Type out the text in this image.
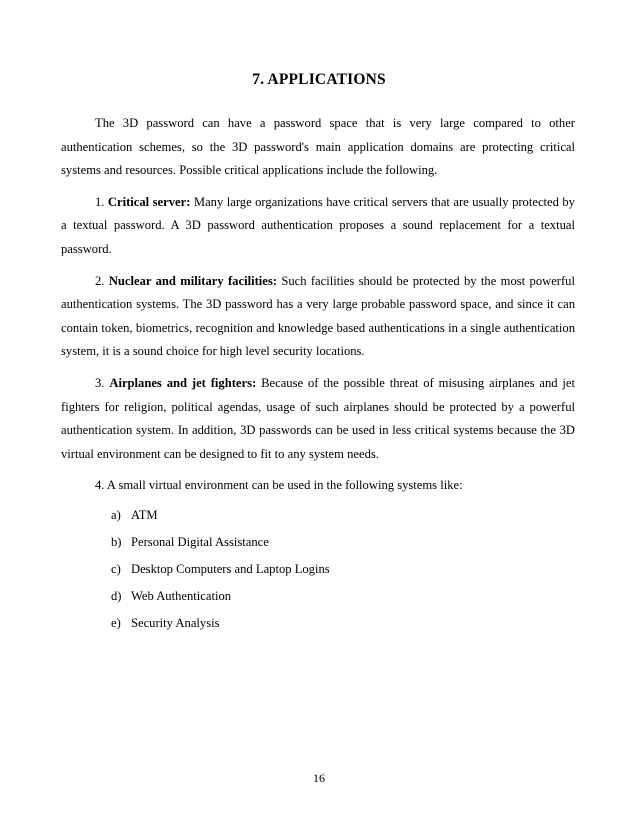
7. APPLICATIONS

The 3D password can have a password space that is very large compared to other authentication schemes, so the 3D password's main application domains are protecting critical systems and resources. Possible critical applications include the following.

1. Critical server: Many large organizations have critical servers that are usually protected by a textual password. A 3D password authentication proposes a sound replacement for a textual password.

2. Nuclear and military facilities: Such facilities should be protected by the most powerful authentication systems. The 3D password has a very large probable password space, and since it can contain token, biometrics, recognition and knowledge based authentications in a single authentication system, it is a sound choice for high level security locations.

3. Airplanes and jet fighters: Because of the possible threat of misusing airplanes and jet fighters for religion, political agendas, usage of such airplanes should be protected by a powerful authentication system. In addition, 3D passwords can be used in less critical systems because the 3D virtual environment can be designed to fit to any system needs.

4. A small virtual environment can be used in the following systems like:

a) ATM
b) Personal Digital Assistance
c) Desktop Computers and Laptop Logins
d) Web Authentication
e) Security Analysis
16
